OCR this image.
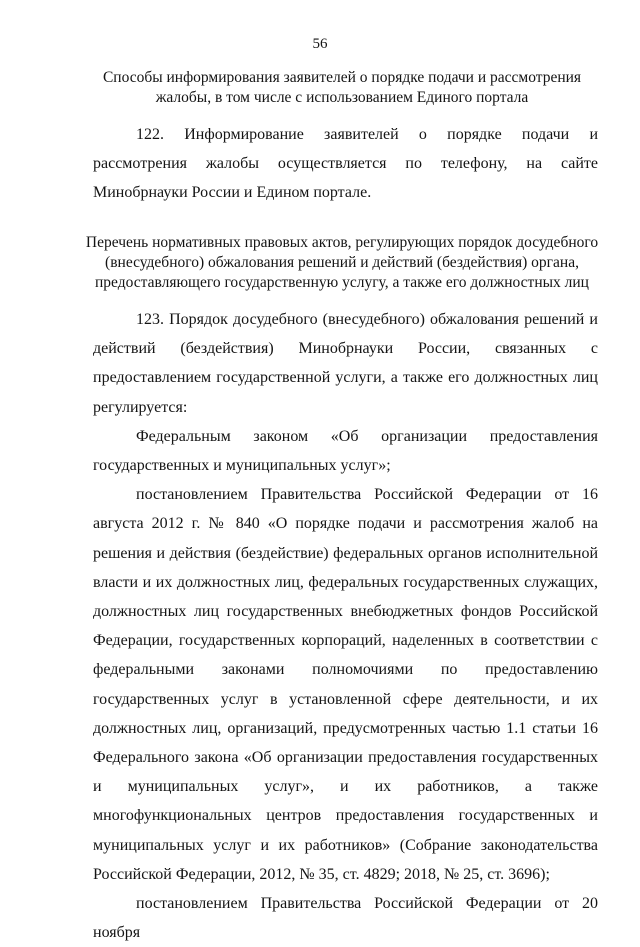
56
Способы информирования заявителей о порядке подачи и рассмотрения
жалобы, в том числе с использованием Единого портала

122. Информирование заявителей о порядке подачи и рассмотрения жалобы осуществляется по телефону, на сайте Минобрнауки России и Едином портале.

Перечень нормативных правовых актов, регулирующих порядок досудебного
(внесудебного) обжалования решений и действий (бездействия) органа,
предоставляющего государственную услугу, а также его должностных лиц

123. Порядок досудебного (внесудебного) обжалования решений и действий (бездействия) Минобрнауки России, связанных с предоставлением государственной услуги, а также его должностных лиц регулируется:

Федеральным законом «Об организации предоставления государственных и муниципальных услуг»;

постановлением Правительства Российской Федерации от 16 августа 2012 г. № 840 «О порядке подачи и рассмотрения жалоб на решения и действия (бездействие) федеральных органов исполнительной власти и их должностных лиц, федеральных государственных служащих, должностных лиц государственных внебюджетных фондов Российской Федерации, государственных корпораций, наделенных в соответствии с федеральными законами полномочиями по предоставлению государственных услуг в установленной сфере деятельности, и их должностных лиц, организаций, предусмотренных частью 1.1 статьи 16 Федерального закона «Об организации предоставления государственных и муниципальных услуг», и их работников, а также многофункциональных центров предоставления государственных и муниципальных услуг и их работников» (Собрание законодательства Российской Федерации, 2012, № 35, ст. 4829; 2018, № 25, ст. 3696);

постановлением Правительства Российской Федерации от 20 ноября
